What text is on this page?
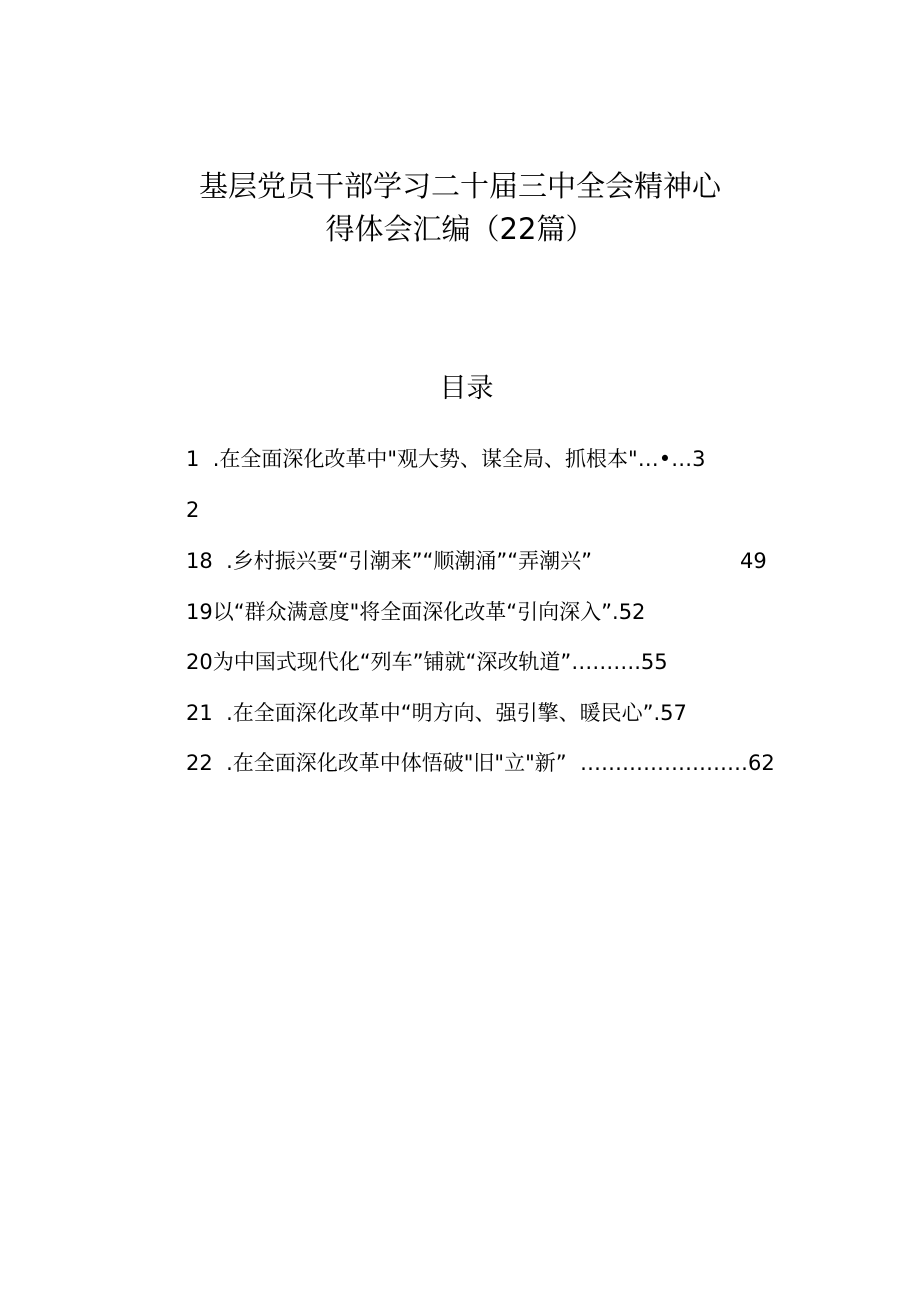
基层党员干部学习二十届三中全会精神心
得体会汇编（22篇）
目录
1  .在全面深化改革中"观大势、谋全局、抓根本"…•…3
2
18  .乡村振兴要“引潮来”“顺潮涌”“弄潮兴”	49
19以“群众满意度"将全面深化改革“引向深入”.52
20为中国式现代化“列车”铺就“深改轨道”……….55
21  .在全面深化改革中“明方向、强引擎、暖民心”.57
22  .在全面深化改革中体悟破"旧"立"新”  ……………………62
